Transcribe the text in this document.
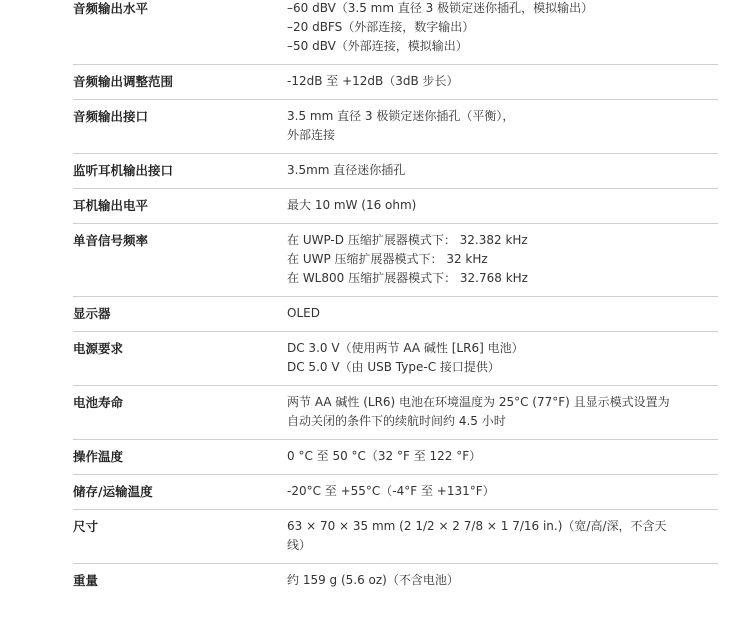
音频输出水平	–60 dBV（3.5 mm 直径 3 极锁定迷你插孔，模拟输出）
–20 dBFS（外部连接，数字输出）
–50 dBV（外部连接，模拟输出）
音频输出调整范围	-12dB 至 +12dB（3dB 步长）
音频输出接口	3.5 mm 直径 3 极锁定迷你插孔（平衡），
外部连接
监听耳机输出接口	3.5mm 直径迷你插孔
耳机输出电平	最大 10 mW (16 ohm)
单音信号频率	在 UWP-D 压缩扩展器模式下： 32.382 kHz
在 UWP 压缩扩展器模式下： 32 kHz
在 WL800 压缩扩展器模式下： 32.768 kHz
显示器	OLED
电源要求	DC 3.0 V（使用两节 AA 碱性 [LR6] 电池）
DC 5.0 V（由 USB Type-C 接口提供）
电池寿命	两节 AA 碱性 (LR6) 电池在环境温度为 25°C (77°F) 且显示模式设置为
自动关闭的条件下的续航时间约 4.5 小时
操作温度	0 °C 至 50 °C（32 °F 至 122 °F）
储存/运输温度	-20°C 至 +55°C（-4°F 至 +131°F）
尺寸	63 × 70 × 35 mm (2 1/2 × 2 7/8 × 1 7/16 in.)（宽/高/深，不含天
线）
重量	约 159 g (5.6 oz)（不含电池）
